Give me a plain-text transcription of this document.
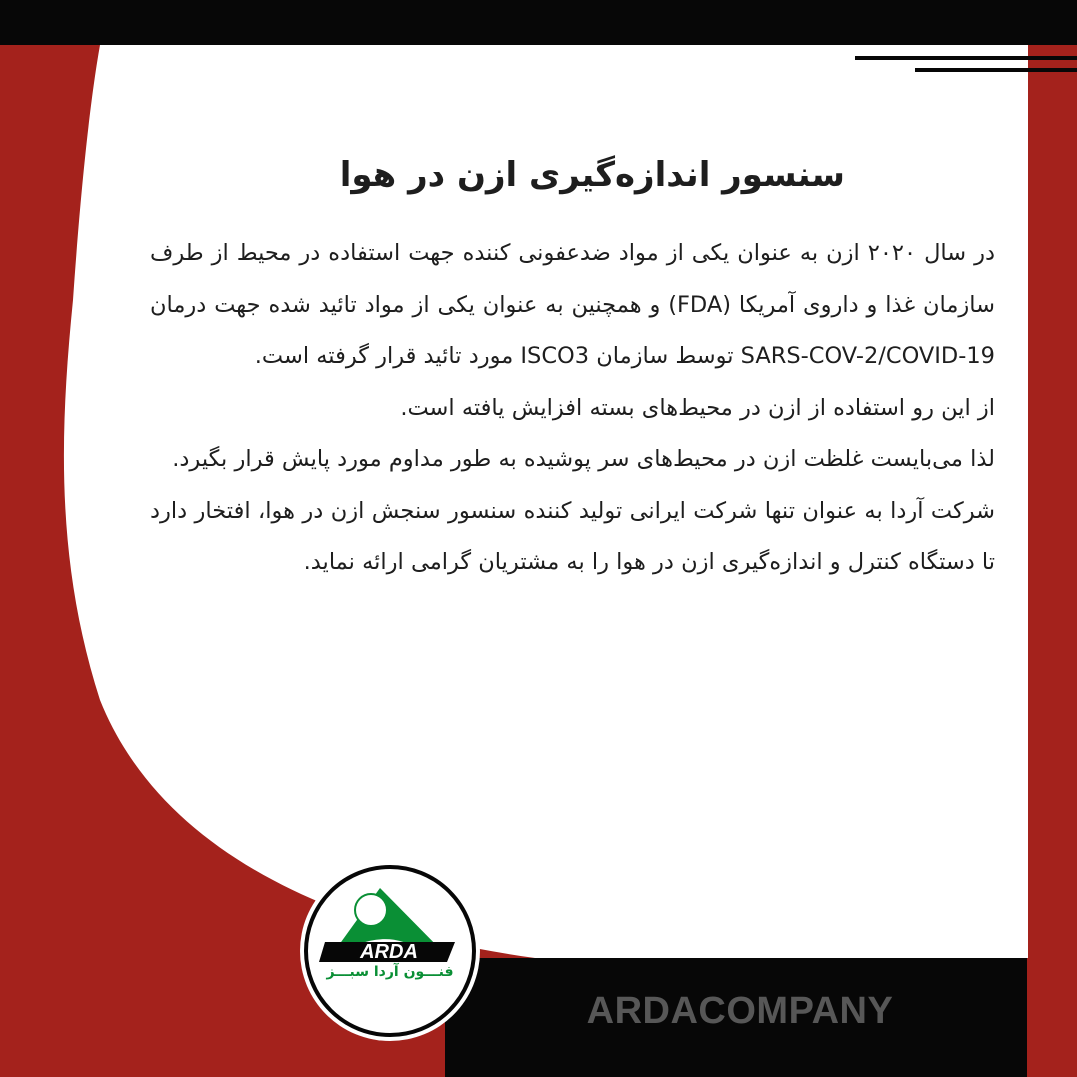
سنسور اندازه‌گیری ازن در هوا

در سال ۲۰۲۰ ازن به عنوان یکی از مواد ضدعفونی کننده جهت استفاده در محیط از طرف سازمان غذا و داروی آمریکا (FDA) و همچنین به عنوان یکی از مواد تائید شده جهت درمان SARS-COV-2/COVID-19 توسط سازمان ISCO3 مورد تائید قرار گرفته است.

از این رو استفاده از ازن در محیط‌های بسته افزایش یافته است.

لذا می‌بایست غلظت ازن در محیط‌های سر پوشیده به طور مداوم مورد پایش قرار بگیرد.

شرکت آردا به عنوان تنها شرکت ایرانی تولید کننده سنسور سنجش ازن در هوا، افتخار دارد تا دستگاه کنترل و اندازه‌گیری ازن در هوا را به مشتریان گرامی ارائه نماید.

ARDACOMPANY
ARDA
فنـــون آردا سبـــز
